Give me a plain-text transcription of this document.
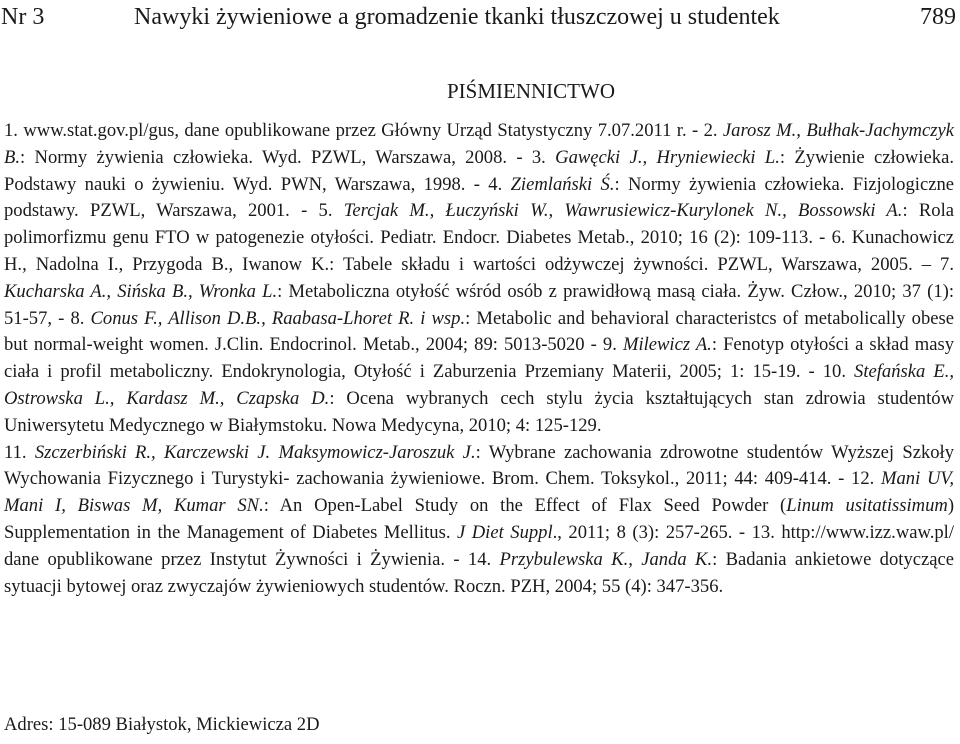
Nr 3	Nawyki żywieniowe a gromadzenie tkanki tłuszczowej u studentek	789
PIŚMIENNICTWO

1. www.stat.gov.pl/gus, dane opublikowane przez Główny Urząd Statystyczny 7.07.2011 r. - 2. Jarosz M., Bułhak-Jachymczyk B.: Normy żywienia człowieka. Wyd. PZWL, Warszawa, 2008. - 3. Gawęcki J., Hryniewiecki L.: Żywienie człowieka. Podstawy nauki o żywieniu. Wyd. PWN, Warszawa, 1998. - 4. Ziemlański Ś.: Normy żywienia człowieka. Fizjologiczne podstawy. PZWL, Warszawa, 2001. - 5. Tercjak M., Łuczyński W., Wawrusiewicz-Kurylonek N., Bossowski A.: Rola polimorfizmu genu FTO w patogenezie otyłości. Pediatr. Endocr. Diabetes Metab., 2010; 16 (2): 109-113. - 6. Kunachowicz H., Nadolna I., Przygoda B., Iwanow K.: Tabele składu i wartości odżywczej żywności. PZWL, Warszawa, 2005. – 7. Kucharska A., Sińska B., Wronka L.: Metaboliczna otyłość wśród osób z prawidłową masą ciała. Żyw. Człow., 2010; 37 (1): 51-57, - 8. Conus F., Allison D.B., Raabasa-Lhoret R. i wsp.: Metabolic and behavioral characteristcs of metabolically obese but normal-weight women. J.Clin. Endocrinol. Metab., 2004; 89: 5013-5020 - 9. Milewicz A.: Fenotyp otyłości a skład masy ciała i profil metaboliczny. Endokrynologia, Otyłość i Zaburzenia Przemiany Materii, 2005; 1: 15-19. - 10. Stefańska E., Ostrowska L., Kardasz M., Czapska D.: Ocena wybranych cech stylu życia kształtujących stan zdrowia studentów Uniwersytetu Medycznego w Białymstoku. Nowa Medycyna, 2010; 4: 125-129.

11. Szczerbiński R., Karczewski J. Maksymowicz-Jaroszuk J.: Wybrane zachowania zdrowotne studentów Wyższej Szkoły Wychowania Fizycznego i Turystyki- zachowania żywieniowe. Brom. Chem. Toksykol., 2011; 44: 409-414. - 12. Mani UV, Mani I, Biswas M, Kumar SN.: An Open-Label Study on the Effect of Flax Seed Powder (Linum usitatissimum) Supplementation in the Management of Diabetes Mellitus. J Diet Suppl., 2011; 8 (3): 257-265. - 13. http://www.izz.waw.pl/ dane opublikowane przez Instytut Żywności i Żywienia. - 14. Przybulewska K., Janda K.: Badania ankietowe dotyczące sytuacji bytowej oraz zwyczajów żywieniowych studentów. Roczn. PZH, 2004; 55 (4): 347-356.

Adres: 15-089 Białystok, Mickiewicza 2D
